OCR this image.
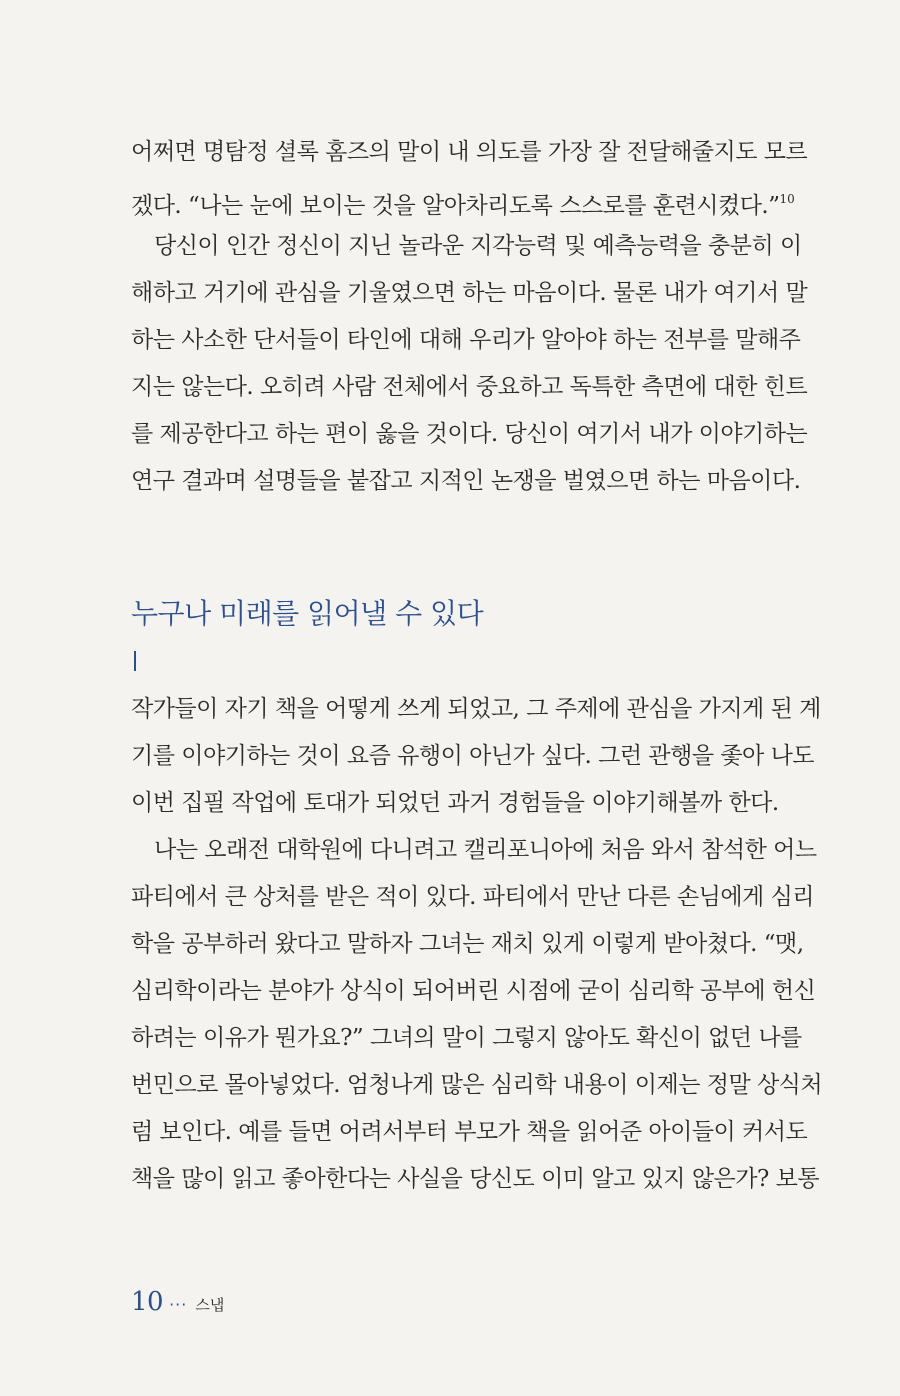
어쩌면 명탐정 셜록 홈즈의 말이 내 의도를 가장 잘 전달해줄지도 모르
겠다. “나는 눈에 보이는 것을 알아차리도록 스스로를 훈련시켰다.”$^{10}$

당신이 인간 정신이 지닌 놀라운 지각능력 및 예측능력을 충분히 이
해하고 거기에 관심을 기울였으면 하는 마음이다. 물론 내가 여기서 말
하는 사소한 단서들이 타인에 대해 우리가 알아야 하는 전부를 말해주
지는 않는다. 오히려 사람 전체에서 중요하고 독특한 측면에 대한 힌트
를 제공한다고 하는 편이 옳을 것이다. 당신이 여기서 내가 이야기하는
연구 결과며 설명들을 붙잡고 지적인 논쟁을 벌였으면 하는 마음이다.

누구나 미래를 읽어낼 수 있다

작가들이 자기 책을 어떻게 쓰게 되었고, 그 주제에 관심을 가지게 된 계
기를 이야기하는 것이 요즘 유행이 아닌가 싶다. 그런 관행을 좇아 나도
이번 집필 작업에 토대가 되었던 과거 경험들을 이야기해볼까 한다.

나는 오래전 대학원에 다니려고 캘리포니아에 처음 와서 참석한 어느
파티에서 큰 상처를 받은 적이 있다. 파티에서 만난 다른 손님에게 심리
학을 공부하러 왔다고 말하자 그녀는 재치 있게 이렇게 받아쳤다. “맷,
심리학이라는 분야가 상식이 되어버린 시점에 굳이 심리학 공부에 헌신
하려는 이유가 뭔가요?” 그녀의 말이 그렇지 않아도 확신이 없던 나를
번민으로 몰아넣었다. 엄청나게 많은 심리학 내용이 이제는 정말 상식처
럼 보인다. 예를 들면 어려서부터 부모가 책을 읽어준 아이들이 커서도
책을 많이 읽고 좋아한다는 사실을 당신도 이미 알고 있지 않은가? 보통

10 ··· 스냅
